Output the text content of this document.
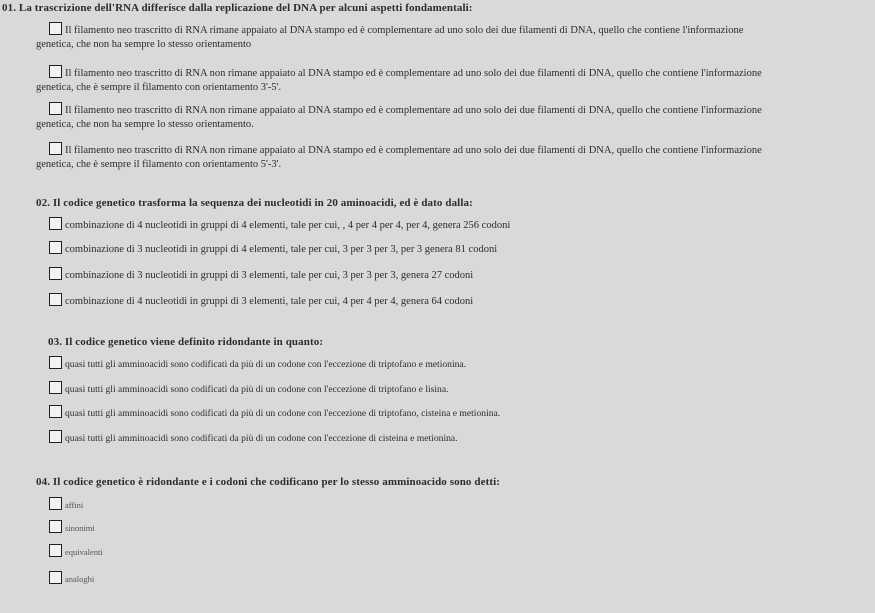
01. La trascrizione dell'RNA differisce dalla replicazione del DNA per alcuni aspetti fondamentali:
Il filamento neo trascritto di RNA rimane appaiato al DNA stampo ed è complementare ad uno solo dei due filamenti di DNA, quello che contiene l'informazione
genetica, che non ha sempre lo stesso orientamento
Il filamento neo trascritto di RNA non rimane appaiato al DNA stampo ed è complementare ad uno solo dei due filamenti di DNA, quello che contiene l'informazione
genetica, che è sempre il filamento con orientamento 3'-5'.
Il filamento neo trascritto di RNA non rimane appaiato al DNA stampo ed è complementare ad uno solo dei due filamenti di DNA, quello che contiene l'informazione
genetica, che non ha sempre lo stesso orientamento.
Il filamento neo trascritto di RNA non rimane appaiato al DNA stampo ed è complementare ad uno solo dei due filamenti di DNA, quello che contiene l'informazione
genetica, che è sempre il filamento con orientamento 5'-3'.
02. Il codice genetico trasforma la sequenza dei nucleotidi in 20 aminoacidi, ed è dato dalla:
combinazione di 4 nucleotidi in gruppi di 4 elementi, tale per cui, , 4 per 4 per 4, per 4, genera 256 codoni
combinazione di 3 nucleotidi in gruppi di 4 elementi, tale per cui, 3 per 3 per 3, per 3 genera 81 codoni
combinazione di 3 nucleotidi in gruppi di 3 elementi, tale per cui, 3 per 3 per 3, genera 27 codoni
combinazione di 4 nucleotidi in gruppi di 3 elementi, tale per cui, 4 per 4 per 4, genera 64 codoni
03. Il codice genetico viene definito ridondante in quanto:
quasi tutti gli amminoacidi sono codificati da più di un codone con l'eccezione di triptofano e metionina.
quasi tutti gli amminoacidi sono codificati da più di un codone con l'eccezione di triptofano e lisina.
quasi tutti gli amminoacidi sono codificati da più di un codone con l'eccezione di triptofano, cisteina e metionina.
quasi tutti gli amminoacidi sono codificati da più di un codone con l'eccezione di cisteina e metionina.
04. Il codice genetico è ridondante e i codoni che codificano per lo stesso amminoacido sono detti:
affini
sinonimi
equivalenti
analoghi
